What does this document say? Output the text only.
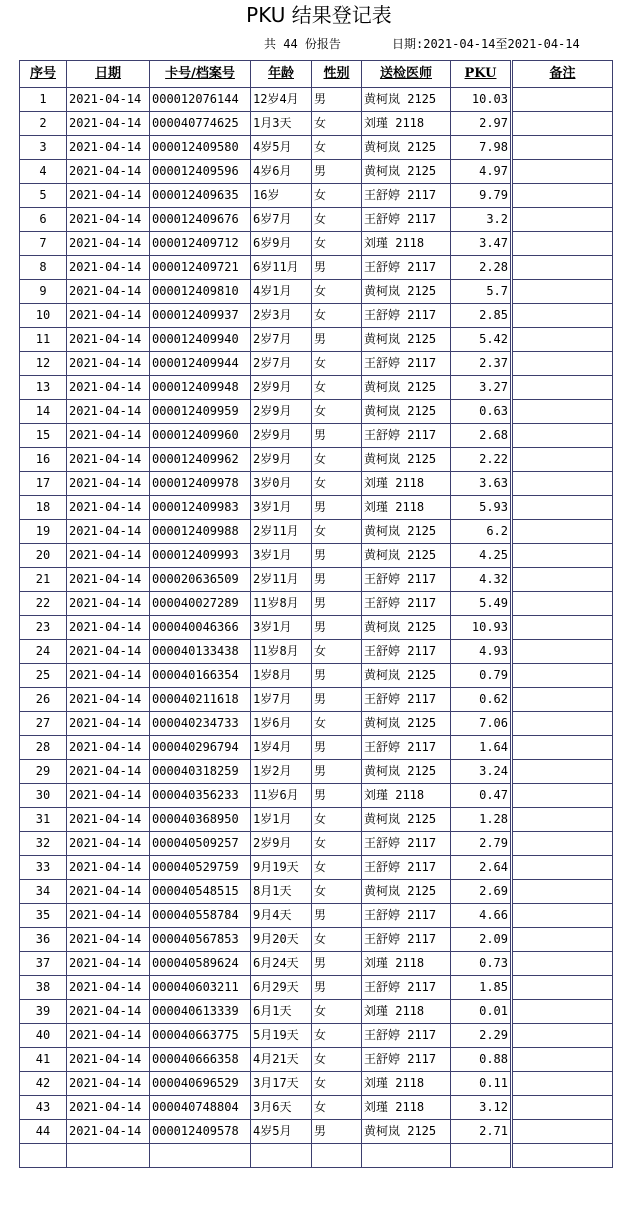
PKU 结果登记表
共 44 份报告	日期:2021-04-14至2021-04-14
序号	日期	卡号/档案号	年龄	性别	送检医师	PKU	备注
1	2021-04-14	000012076144	12岁4月	男	黄柯岚 2125	10.03	
2	2021-04-14	000040774625	1月3天	女	刘瑾 2118	2.97	
3	2021-04-14	000012409580	4岁5月	女	黄柯岚 2125	7.98	
4	2021-04-14	000012409596	4岁6月	男	黄柯岚 2125	4.97	
5	2021-04-14	000012409635	16岁	女	王舒婷 2117	9.79	
6	2021-04-14	000012409676	6岁7月	女	王舒婷 2117	3.2	
7	2021-04-14	000012409712	6岁9月	女	刘瑾 2118	3.47	
8	2021-04-14	000012409721	6岁11月	男	王舒婷 2117	2.28	
9	2021-04-14	000012409810	4岁1月	女	黄柯岚 2125	5.7	
10	2021-04-14	000012409937	2岁3月	女	王舒婷 2117	2.85	
11	2021-04-14	000012409940	2岁7月	男	黄柯岚 2125	5.42	
12	2021-04-14	000012409944	2岁7月	女	王舒婷 2117	2.37	
13	2021-04-14	000012409948	2岁9月	女	黄柯岚 2125	3.27	
14	2021-04-14	000012409959	2岁9月	女	黄柯岚 2125	0.63	
15	2021-04-14	000012409960	2岁9月	男	王舒婷 2117	2.68	
16	2021-04-14	000012409962	2岁9月	女	黄柯岚 2125	2.22	
17	2021-04-14	000012409978	3岁0月	女	刘瑾 2118	3.63	
18	2021-04-14	000012409983	3岁1月	男	刘瑾 2118	5.93	
19	2021-04-14	000012409988	2岁11月	女	黄柯岚 2125	6.2	
20	2021-04-14	000012409993	3岁1月	男	黄柯岚 2125	4.25	
21	2021-04-14	000020636509	2岁11月	男	王舒婷 2117	4.32	
22	2021-04-14	000040027289	11岁8月	男	王舒婷 2117	5.49	
23	2021-04-14	000040046366	3岁1月	男	黄柯岚 2125	10.93	
24	2021-04-14	000040133438	11岁8月	女	王舒婷 2117	4.93	
25	2021-04-14	000040166354	1岁8月	男	黄柯岚 2125	0.79	
26	2021-04-14	000040211618	1岁7月	男	王舒婷 2117	0.62	
27	2021-04-14	000040234733	1岁6月	女	黄柯岚 2125	7.06	
28	2021-04-14	000040296794	1岁4月	男	王舒婷 2117	1.64	
29	2021-04-14	000040318259	1岁2月	男	黄柯岚 2125	3.24	
30	2021-04-14	000040356233	11岁6月	男	刘瑾 2118	0.47	
31	2021-04-14	000040368950	1岁1月	女	黄柯岚 2125	1.28	
32	2021-04-14	000040509257	2岁9月	女	王舒婷 2117	2.79	
33	2021-04-14	000040529759	9月19天	女	王舒婷 2117	2.64	
34	2021-04-14	000040548515	8月1天	女	黄柯岚 2125	2.69	
35	2021-04-14	000040558784	9月4天	男	王舒婷 2117	4.66	
36	2021-04-14	000040567853	9月20天	女	王舒婷 2117	2.09	
37	2021-04-14	000040589624	6月24天	男	刘瑾 2118	0.73	
38	2021-04-14	000040603211	6月29天	男	王舒婷 2117	1.85	
39	2021-04-14	000040613339	6月1天	女	刘瑾 2118	0.01	
40	2021-04-14	000040663775	5月19天	女	王舒婷 2117	2.29	
41	2021-04-14	000040666358	4月21天	女	王舒婷 2117	0.88	
42	2021-04-14	000040696529	3月17天	女	刘瑾 2118	0.11	
43	2021-04-14	000040748804	3月6天	女	刘瑾 2118	3.12	
44	2021-04-14	000012409578	4岁5月	男	黄柯岚 2125	2.71	
